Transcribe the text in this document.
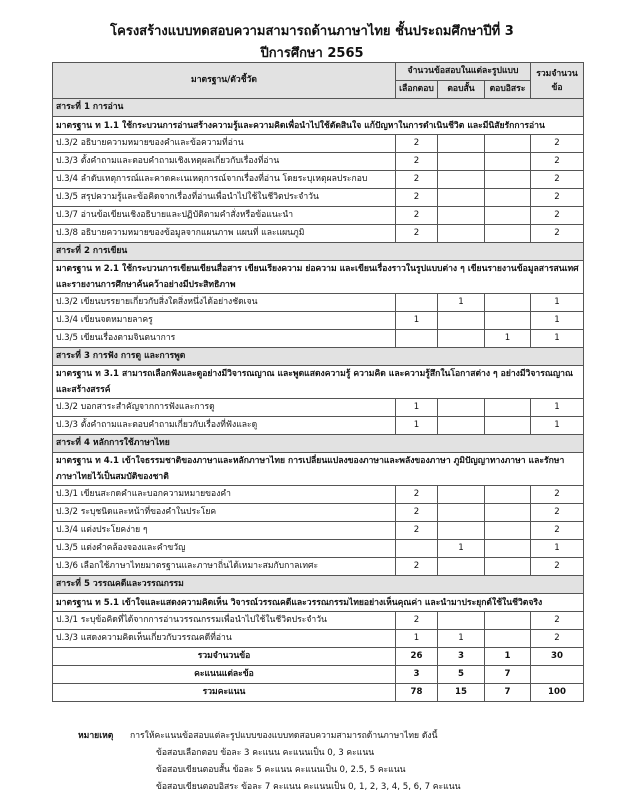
โครงสร้างแบบทดสอบความสามารถด้านภาษาไทย ชั้นประถมศึกษาปีที่ 3
ปีการศึกษา 2565
มาตรฐาน/ตัวชี้วัด	จำนวนข้อสอบในแต่ละรูปแบบ			รวมจำนวนข้อ
	เลือกตอบ	ตอบสั้น	ตอบอิสระ	
สาระที่ 1 การอ่าน				
มาตรฐาน ท 1.1 ใช้กระบวนการอ่านสร้างความรู้และความคิดเพื่อนำไปใช้ตัดสินใจ แก้ปัญหาในการดำเนินชีวิต และมีนิสัยรักการอ่าน				
ป.3/2 อธิบายความหมายของคำและข้อความที่อ่าน	2			2
ป.3/3 ตั้งคำถามและตอบคำถามเชิงเหตุผลเกี่ยวกับเรื่องที่อ่าน	2			2
ป.3/4 ลำดับเหตุการณ์และคาดคะเนเหตุการณ์จากเรื่องที่อ่าน โดยระบุเหตุผลประกอบ	2			2
ป.3/5 สรุปความรู้และข้อคิดจากเรื่องที่อ่านเพื่อนำไปใช้ในชีวิตประจำวัน	2			2
ป.3/7 อ่านข้อเขียนเชิงอธิบายและปฏิบัติตามคำสั่งหรือข้อแนะนำ	2			2
ป.3/8 อธิบายความหมายของข้อมูลจากแผนภาพ แผนที่ และแผนภูมิ	2			2
สาระที่ 2 การเขียน				
มาตรฐาน ท 2.1 ใช้กระบวนการเขียนเขียนสื่อสาร เขียนเรียงความ ย่อความ และเขียนเรื่องราวในรูปแบบต่าง ๆ เขียนรายงานข้อมูลสารสนเทศและรายงานการศึกษาค้นคว้าอย่างมีประสิทธิภาพ				
ป.3/2 เขียนบรรยายเกี่ยวกับสิ่งใดสิ่งหนึ่งได้อย่างชัดเจน		1		1
ป.3/4 เขียนจดหมายลาครู	1			1
ป.3/5 เขียนเรื่องตามจินตนาการ			1	1
สาระที่ 3 การฟัง การดู และการพูด				
มาตรฐาน ท 3.1 สามารถเลือกฟังและดูอย่างมีวิจารณญาณ และพูดแสดงความรู้ ความคิด และความรู้สึกในโอกาสต่าง ๆ อย่างมีวิจารณญาณและสร้างสรรค์				
ป.3/2 บอกสาระสำคัญจากการฟังและการดู	1			1
ป.3/3 ตั้งคำถามและตอบคำถามเกี่ยวกับเรื่องที่ฟังและดู	1			1
สาระที่ 4 หลักการใช้ภาษาไทย				
มาตรฐาน ท 4.1 เข้าใจธรรมชาติของภาษาและหลักภาษาไทย การเปลี่ยนแปลงของภาษาและพลังของภาษา ภูมิปัญญาทางภาษา และรักษาภาษาไทยไว้เป็นสมบัติของชาติ				
ป.3/1 เขียนสะกดคำและบอกความหมายของคำ	2			2
ป.3/2 ระบุชนิดและหน้าที่ของคำในประโยค	2			2
ป.3/4 แต่งประโยคง่าย ๆ	2			2
ป.3/5 แต่งคำคล้องจองและคำขวัญ		1		1
ป.3/6 เลือกใช้ภาษาไทยมาตรฐานและภาษาถิ่นได้เหมาะสมกับกาลเทศะ	2			2
สาระที่ 5 วรรณคดีและวรรณกรรม				
มาตรฐาน ท 5.1 เข้าใจและแสดงความคิดเห็น วิจารณ์วรรณคดีและวรรณกรรมไทยอย่างเห็นคุณค่า และนำมาประยุกต์ใช้ในชีวิตจริง				
ป.3/1 ระบุข้อคิดที่ได้จากการอ่านวรรณกรรมเพื่อนำไปใช้ในชีวิตประจำวัน	2			2
ป.3/3 แสดงความคิดเห็นเกี่ยวกับวรรณคดีที่อ่าน	1	1		2
รวมจำนวนข้อ	26	3	1	30
คะแนนแต่ละข้อ	3	5	7	
รวมคะแนน	78	15	7	100
หมายเหตุ การให้คะแนนข้อสอบแต่ละรูปแบบของแบบทดสอบความสามารถด้านภาษาไทย ดังนี้
ข้อสอบเลือกตอบ ข้อละ 3 คะแนน คะแนนเป็น 0, 3 คะแนน
ข้อสอบเขียนตอบสั้น ข้อละ 5 คะแนน คะแนนเป็น 0, 2.5, 5 คะแนน
ข้อสอบเขียนตอบอิสระ ข้อละ 7 คะแนน คะแนนเป็น 0, 1, 2, 3, 4, 5, 6, 7 คะแนน
